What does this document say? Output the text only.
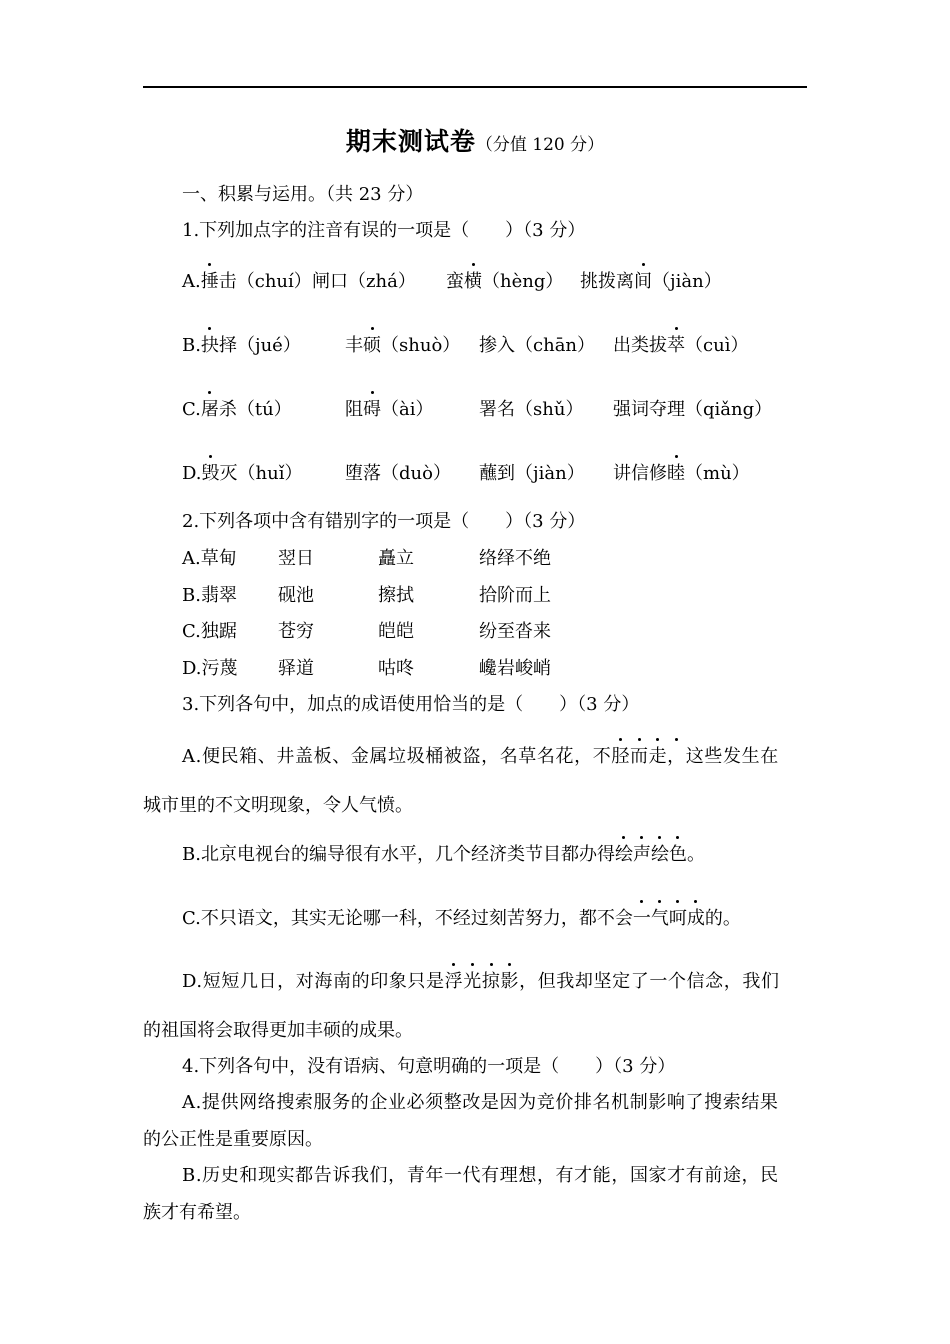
期末测试卷（分值 120 分）
一、积累与运用。（共 23 分）
1.下列加点字的注音有误的一项是（　　）（3 分）
A.捶击（chuí） 闸口（zhá） 蛮横（hèng） 挑拨离间（jiàn）
B.抉择（jué） 丰硕（shuò） 掺入（chān） 出类拔萃（cuì）
C.屠杀（tú）	阻碍（ài）	署名（shǔ） 强词夺理（qiǎng）
D.毁灭（huǐ） 堕落（duò） 蘸到（jiàn） 讲信修睦（mù）
2.下列各项中含有错别字的一项是（　　）（3 分）
A.草甸 翌日	矗立	络绎不绝
B.翡翠 砚池	擦拭	拾阶而上
C.独踞 苍穷	皑皑	纷至沓来
D.污蔑 驿道	咕咚	巉岩峻峭
3.下列各句中，加点的成语使用恰当的是（　　）（3 分）
A.便民箱、井盖板、金属垃圾桶被盗，名草名花，不胫而走，这些发生在
城市里的不文明现象，令人气愤。
B.北京电视台的编导很有水平，几个经济类节目都办得绘声绘色。
C.不只语文，其实无论哪一科，不经过刻苦努力，都不会一气呵成的。
D.短短几日，对海南的印象只是浮光掠影，但我却坚定了一个信念，我们
的祖国将会取得更加丰硕的成果。
4.下列各句中，没有语病、句意明确的一项是（　　）（3 分）
A.提供网络搜索服务的企业必须整改是因为竞价排名机制影响了搜索结果
的公正性是重要原因。
B.历史和现实都告诉我们，青年一代有理想，有才能，国家才有前途，民
族才有希望。
